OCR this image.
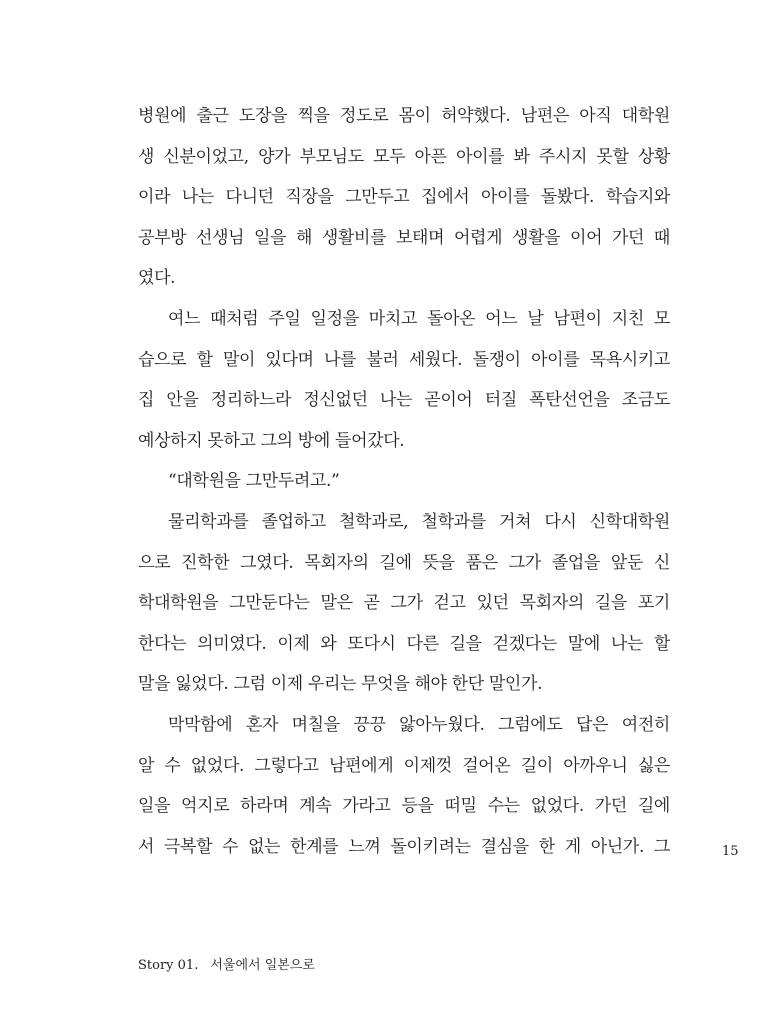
병원에 출근 도장을 찍을 정도로 몸이 허약했다. 남편은 아직 대학원
생 신분이었고, 양가 부모님도 모두 아픈 아이를 봐 주시지 못할 상황
이라 나는 다니던 직장을 그만두고 집에서 아이를 돌봤다. 학습지와
공부방 선생님 일을 해 생활비를 보태며 어렵게 생활을 이어 가던 때
였다.
여느 때처럼 주일 일정을 마치고 돌아온 어느 날 남편이 지친 모
습으로 할 말이 있다며 나를 불러 세웠다. 돌쟁이 아이를 목욕시키고
집 안을 정리하느라 정신없던 나는 곧이어 터질 폭탄선언을 조금도
예상하지 못하고 그의 방에 들어갔다.
“대학원을 그만두려고.”
물리학과를 졸업하고 철학과로, 철학과를 거쳐 다시 신학대학원
으로 진학한 그였다. 목회자의 길에 뜻을 품은 그가 졸업을 앞둔 신
학대학원을 그만둔다는 말은 곧 그가 걷고 있던 목회자의 길을 포기
한다는 의미였다. 이제 와 또다시 다른 길을 걷겠다는 말에 나는 할
말을 잃었다. 그럼 이제 우리는 무엇을 해야 한단 말인가.
막막함에 혼자 며칠을 끙끙 앓아누웠다. 그럼에도 답은 여전히
알 수 없었다. 그렇다고 남편에게 이제껏 걸어온 길이 아까우니 싫은
일을 억지로 하라며 계속 가라고 등을 떠밀 수는 없었다. 가던 길에
서 극복할 수 없는 한계를 느껴 돌이키려는 결심을 한 게 아닌가. 그	15
Story 01. 서울에서 일본으로
